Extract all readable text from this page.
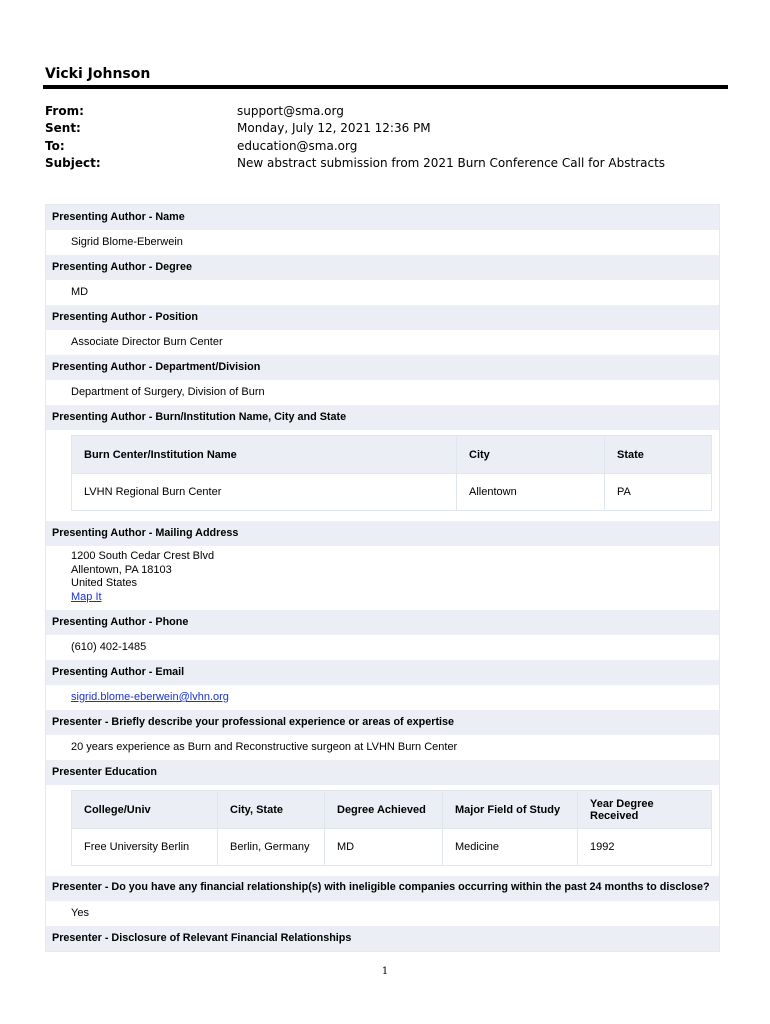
Vicki Johnson
From:	support@sma.org
Sent:	Monday, July 12, 2021 12:36 PM
To:	education@sma.org
Subject:	New abstract submission from 2021 Burn Conference Call for Abstracts
Presenting Author - Name
Sigrid Blome-Eberwein
Presenting Author - Degree
MD
Presenting Author - Position
Associate Director Burn Center
Presenting Author - Department/Division
Department of Surgery, Division of Burn
Presenting Author - Burn/Institution Name, City and State
Burn Center/Institution Name	City	State
LVHN Regional Burn Center	Allentown	PA
Presenting Author - Mailing Address
1200 South Cedar Crest Blvd
Allentown, PA 18103
United States
Map It
Presenting Author - Phone
(610) 402-1485
Presenting Author - Email
sigrid.blome-eberwein@lvhn.org
Presenter - Briefly describe your professional experience or areas of expertise
20 years experience as Burn and Reconstructive surgeon at LVHN Burn Center
Presenter Education
College/Univ	City, State	Degree Achieved	Major Field of Study	Year Degree Received
Free University Berlin	Berlin, Germany	MD	Medicine	1992
Presenter - Do you have any financial relationship(s) with ineligible companies occurring within the past 24 months to disclose?
Yes
Presenter - Disclosure of Relevant Financial Relationships
1
